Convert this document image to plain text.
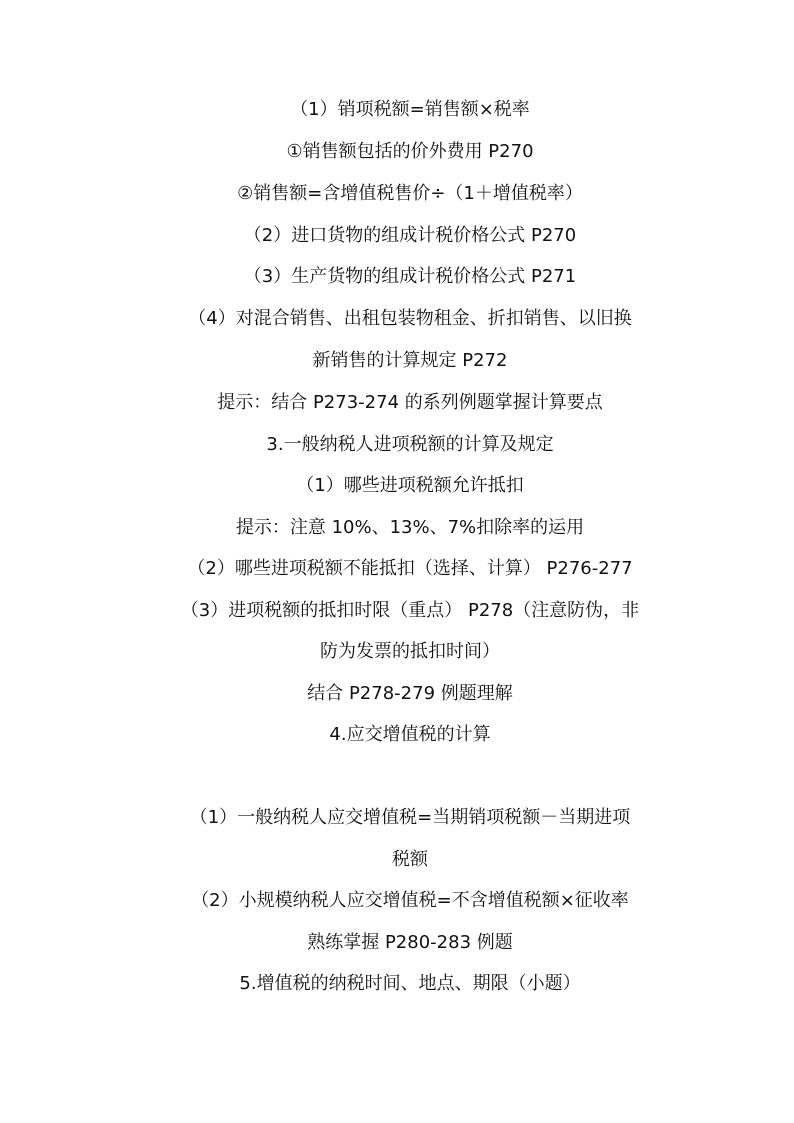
（1）销项税额=销售额×税率
①销售额包括的价外费用 P270
②销售额=含增值税售价÷（1＋增值税率）
（2）进口货物的组成计税价格公式 P270
（3）生产货物的组成计税价格公式 P271
（4）对混合销售、出租包装物租金、折扣销售、以旧换
新销售的计算规定 P272
提示：结合 P273-274 的系列例题掌握计算要点
3.一般纳税人进项税额的计算及规定
（1）哪些进项税额允许抵扣
提示：注意 10%、13%、7%扣除率的运用
（2）哪些进项税额不能抵扣（选择、计算） P276-277
（3）进项税额的抵扣时限（重点） P278（注意防伪，非
防为发票的抵扣时间）
结合 P278-279 例题理解
4.应交增值税的计算
（1）一般纳税人应交增值税=当期销项税额－当期进项
税额
（2）小规模纳税人应交增值税=不含增值税额×征收率
熟练掌握 P280-283 例题
5.增值税的纳税时间、地点、期限（小题）
